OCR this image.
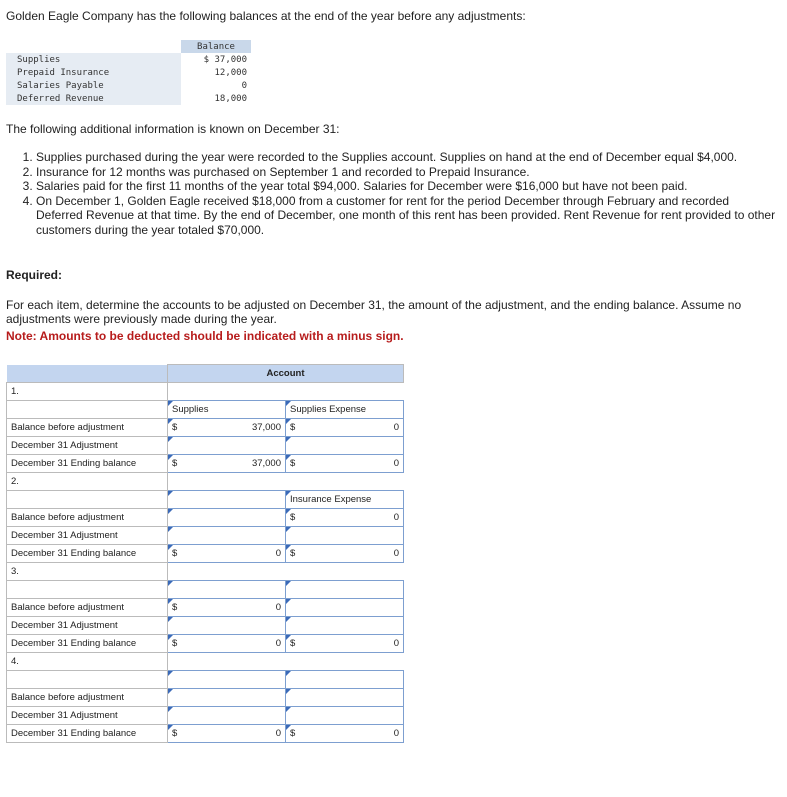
Golden Eagle Company has the following balances at the end of the year before any adjustments:

	Balance
Supplies	$ 37,000
Prepaid Insurance	12,000
Salaries Payable	0
Deferred Revenue	18,000

The following additional information is known on December 31:

1. Supplies purchased during the year were recorded to the Supplies account. Supplies on hand at the end of December equal $4,000.
2. Insurance for 12 months was purchased on September 1 and recorded to Prepaid Insurance.
3. Salaries paid for the first 11 months of the year total $94,000. Salaries for December were $16,000 but have not been paid.
4. On December 1, Golden Eagle received $18,000 from a customer for rent for the period December through February and recorded Deferred Revenue at that time. By the end of December, one month of this rent has been provided. Rent Revenue for rent provided to other customers during the year totaled $70,000.

Required:

For each item, determine the accounts to be adjusted on December 31, the amount of the adjustment, and the ending balance. Assume no adjustments were previously made during the year.

Note: Amounts to be deducted should be indicated with a minus sign.

	Account	
1.		
	Supplies	Supplies Expense
Balance before adjustment	$ 37,000	$ 0

December 31 Adjustment	

December 31 Ending balance	$ 37,000	$ 0

2.		
		Insurance Expense
Balance before adjustment		$ 0

December 31 Adjustment	

December 31 Ending balance	$ 0	$ 0

3.		

Balance before adjustment	$ 0	

December 31 Adjustment	

December 31 Ending balance	$ 0	$ 0

4.		

Balance before adjustment	

December 31 Adjustment	

December 31 Ending balance	$ 0	$ 0
